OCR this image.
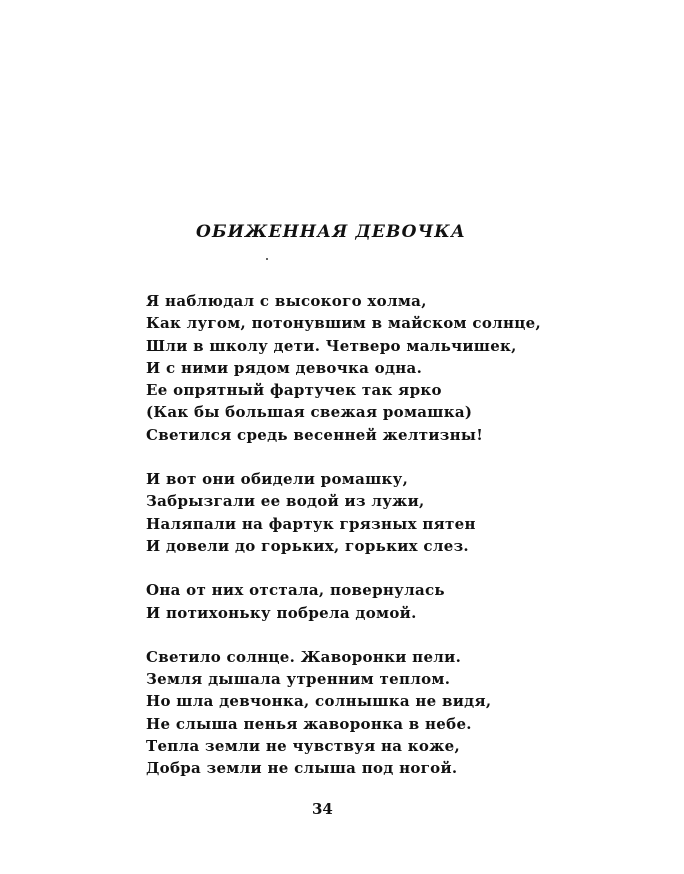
ОБИЖЕННАЯ ДЕВОЧКА
Я наблюдал с высокого холма,
Как лугом, потонувшим в майском солнце,
Шли в школу дети. Четверо мальчишек,
И с ними рядом девочка одна.
Ее опрятный фартучек так ярко
(Как бы большая свежая ромашка)
Светился средь весенней желтизны!
И вот они обидели ромашку,
Забрызгали ее водой из лужи,
Наляпали на фартук грязных пятен
И довели до горьких, горьких слез.
Она от них отстала, повернулась
И потихоньку побрела домой.
Светило солнце. Жаворонки пели.
Земля дышала утренним теплом.
Но шла девчонка, солнышка не видя,
Не слыша пенья жаворонка в небе.
Тепла земли не чувствуя на коже,
Добра земли не слыша под ногой.
34
